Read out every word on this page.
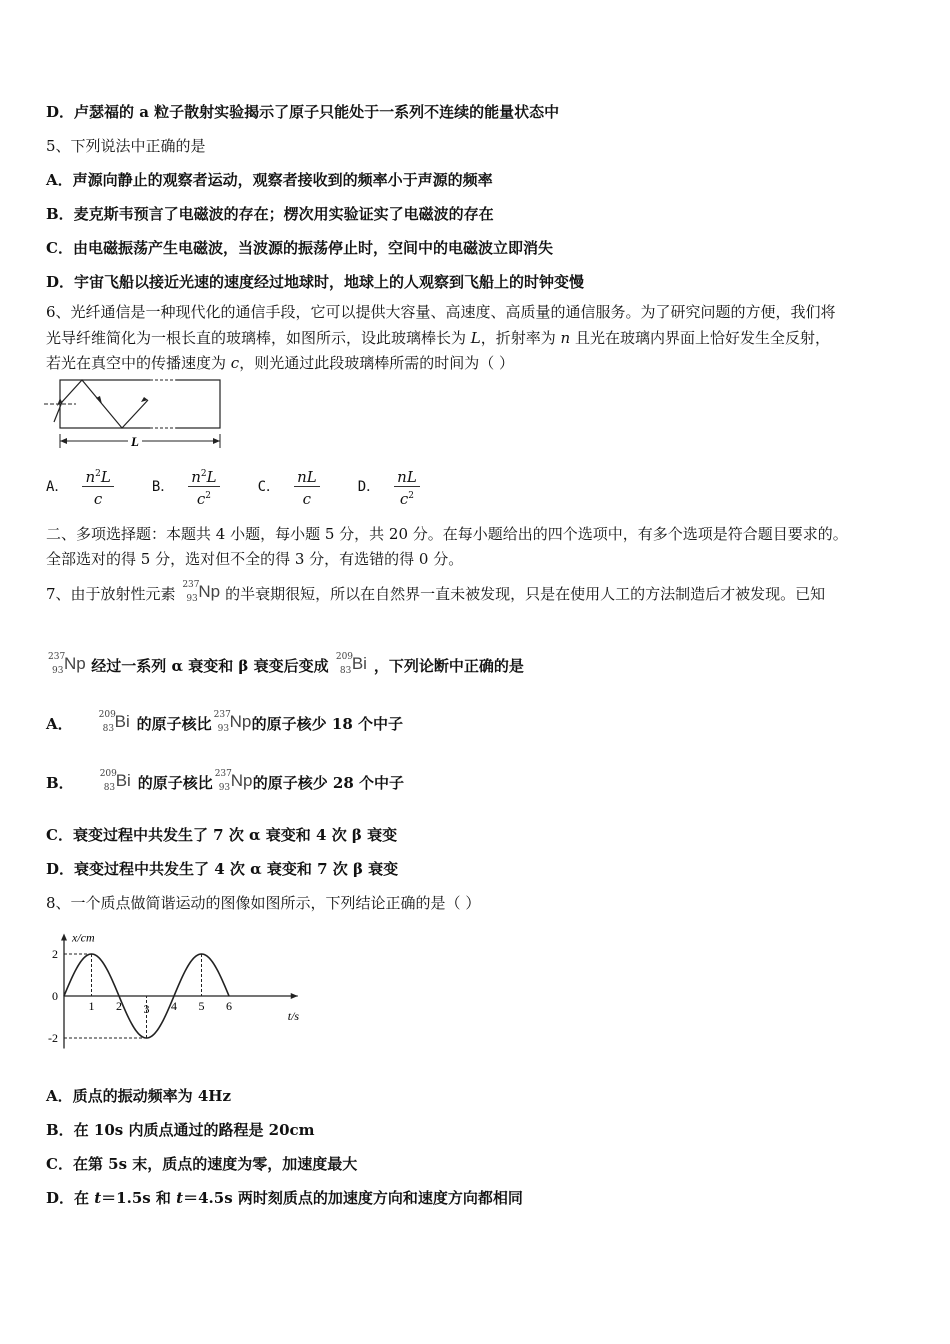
D．卢瑟福的 a 粒子散射实验揭示了原子只能处于一系列不连续的能量状态中
5、下列说法中正确的是
A．声源向静止的观察者运动，观察者接收到的频率小于声源的频率
B．麦克斯韦预言了电磁波的存在；楞次用实验证实了电磁波的存在
C．由电磁振荡产生电磁波，当波源的振荡停止时，空间中的电磁波立即消失
D．宇宙飞船以接近光速的速度经过地球时，地球上的人观察到飞船上的时钟变慢
6、光纤通信是一种现代化的通信手段，它可以提供大容量、高速度、高质量的通信服务。为了研究问题的方便，我们将
光导纤维简化为一根长直的玻璃棒，如图所示，设此玻璃棒长为 L，折射率为 n 且光在玻璃内界面上恰好发生全反射，
若光在真空中的传播速度为 c，则光通过此段玻璃棒所需的时间为（ ）
L
A． $\frac{n^2L}{c}$	B． $\frac{n^2L}{c^2}$	C． $\frac{nL}{c}$	D． $\frac{nL}{c^2}$
二、多项选择题：本题共 4 小题，每小题 5 分，共 20 分。在每小题给出的四个选项中，有多个选项是符合题目要求的。
全部选对的得 5 分，选对但不全的得 3 分，有选错的得 0 分。
7、由于放射性元素 237
93 Np 的半衰期很短，所以在自然界一直未被发现，只是在使用人工的方法制造后才被发现。已知
237
93 Np 经过一系列 α 衰变和 β 衰变后变成 209
83 Bi ，下列论断中正确的是
A．	209
83 Bi 的原子核比 237
93 Np 的原子核少 18 个中子
B．	209
83 Bi 的原子核比 237
93 Np 的原子核少 28 个中子
C．衰变过程中共发生了 7 次 α 衰变和 4 次 β 衰变
D．衰变过程中共发生了 4 次 α 衰变和 7 次 β 衰变
8、一个质点做简谐运动的图像如图所示，下列结论正确的是（ ）
1 2 3 4 5 6
2
0
-2
t/s
x/cm
A．质点的振动频率为 4Hz
B．在 10s 内质点通过的路程是 20cm
C．在第 5s 末，质点的速度为零，加速度最大
D．在 t＝1.5s 和 t＝4.5s 两时刻质点的加速度方向和速度方向都相同
